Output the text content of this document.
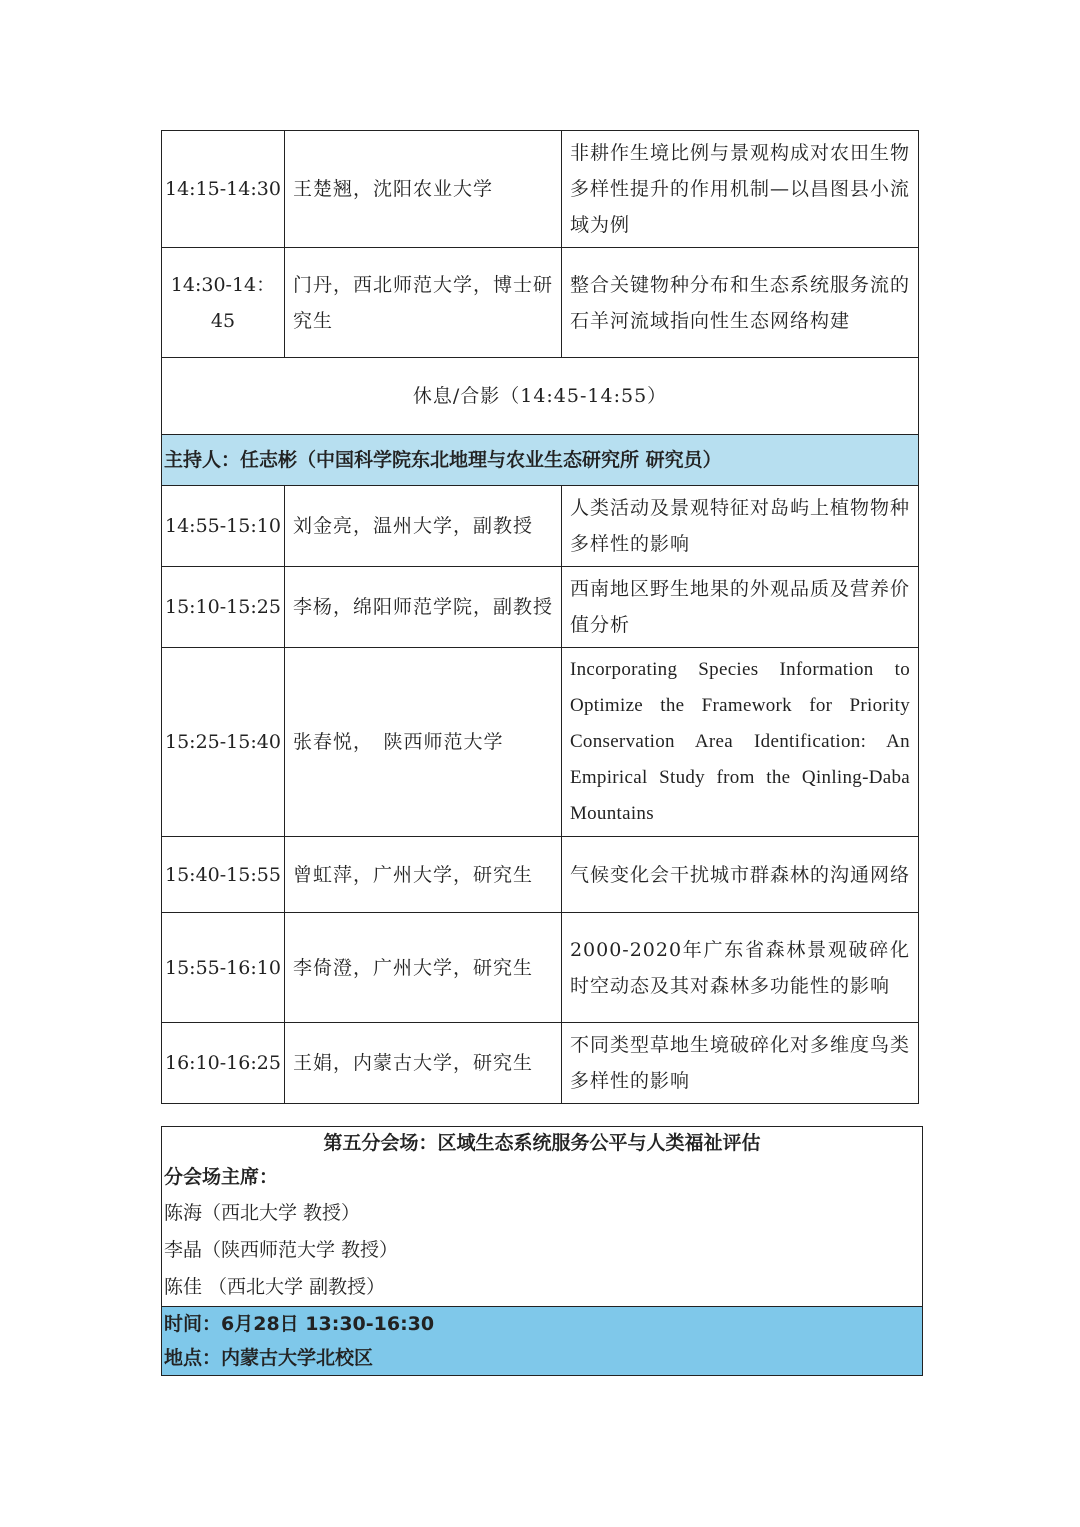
14:15-14:30	王楚翘，沈阳农业大学	非耕作生境比例与景观构成对农田生物多样性提升的作用机制—以昌图县小流域为例
14:30-14：45	门丹，西北师范大学，博士研究生	整合关键物种分布和生态系统服务流的石羊河流域指向性生态网络构建
休息/合影（14:45-14:55）		
主持人：任志彬（中国科学院东北地理与农业生态研究所 研究员）		
14:55-15:10	刘金亮，温州大学，副教授	人类活动及景观特征对岛屿上植物物种多样性的影响
15:10-15:25	李杨，绵阳师范学院，副教授	西南地区野生地果的外观品质及营养价值分析
15:25-15:40	张春悦，　陕西师范大学	Incorporating Species Information to Optimize the Framework for Priority Conservation Area Identification: An Empirical Study from the Qinling-Daba Mountains
15:40-15:55	曾虹萍，广州大学，研究生	气候变化会干扰城市群森林的沟通网络
15:55-16:10	李倚澄，广州大学，研究生	2000-2020年广东省森林景观破碎化时空动态及其对森林多功能性的影响
16:10-16:25	王娟，内蒙古大学，研究生	不同类型草地生境破碎化对多维度鸟类多样性的影响
第五分会场：区域生态系统服务公平与人类福祉评估
分会场主席：
陈海（西北大学 教授）
李晶（陕西师范大学 教授）
陈佳 （西北大学 副教授）

时间：6月28日 13:30-16:30
地点：内蒙古大学北校区
